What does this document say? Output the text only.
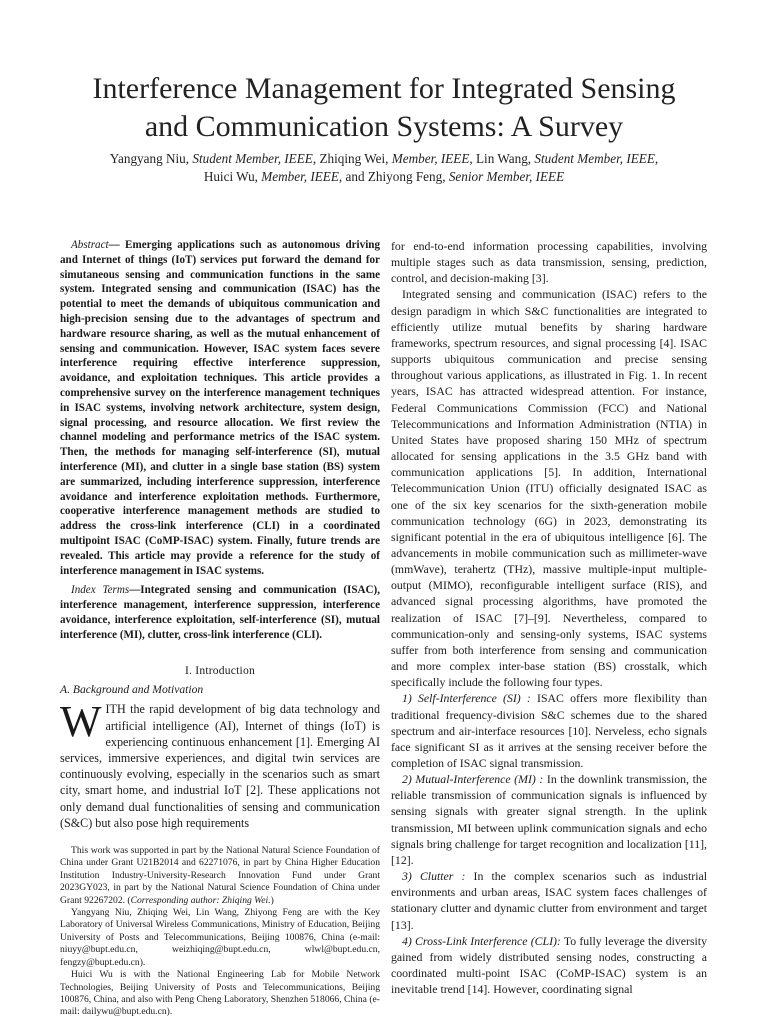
Interference Management for Integrated Sensing
and Communication Systems: A Survey
Yangyang Niu, Student Member, IEEE, Zhiqing Wei, Member, IEEE, Lin Wang, Student Member, IEEE,
Huici Wu, Member, IEEE, and Zhiyong Feng, Senior Member, IEEE

Abstract— Emerging applications such as autonomous driving and Internet of things (IoT) services put forward the demand for simutaneous sensing and communication functions in the same system. Integrated sensing and communication (ISAC) has the potential to meet the demands of ubiquitous communication and high-precision sensing due to the advantages of spectrum and hardware resource sharing, as well as the mutual enhancement of sensing and communication. However, ISAC system faces severe interference requiring effective interference suppression, avoidance, and exploitation techniques. This article provides a comprehensive survey on the interference management techniques in ISAC systems, involving network architecture, system design, signal processing, and resource allocation. We first review the channel modeling and performance metrics of the ISAC system. Then, the methods for managing self-interference (SI), mutual interference (MI), and clutter in a single base station (BS) system are summarized, including interference suppression, interference avoidance and interference exploitation methods. Furthermore, cooperative interference management methods are studied to address the cross-link interference (CLI) in a coordinated multipoint ISAC (CoMP-ISAC) system. Finally, future trends are revealed. This article may provide a reference for the study of interference management in ISAC systems.

Index Terms—Integrated sensing and communication (ISAC), interference management, interference suppression, interference avoidance, interference exploitation, self-interference (SI), mutual interference (MI), clutter, cross-link interference (CLI).

I. Introduction

A. Background and Motivation

WITH the rapid development of big data technology and artificial intelligence (AI), Internet of things (IoT) is experiencing continuous enhancement [1]. Emerging AI services, immersive experiences, and digital twin services are continuously evolving, especially in the scenarios such as smart city, smart home, and industrial IoT [2]. These applications not only demand dual functionalities of sensing and communication (S&C) but also pose high requirements

This work was supported in part by the National Natural Science Foundation of China under Grant U21B2014 and 62271076, in part by China Higher Education Institution Industry-University-Research Innovation Fund under Grant 2023GY023, in part by the National Natural Science Foundation of China under Grant 92267202. (Corresponding author: Zhiqing Wei.)

Yangyang Niu, Zhiqing Wei, Lin Wang, Zhiyong Feng are with the Key Laboratory of Universal Wireless Communications, Ministry of Education, Beijing University of Posts and Telecommunications, Beijing 100876, China (e-mail: niuyy@bupt.edu.cn, weizhiqing@bupt.edu.cn, wlwl@bupt.edu.cn, fengzy@bupt.edu.cn).

Huici Wu is with the National Engineering Lab for Mobile Network Technologies, Beijing University of Posts and Telecommunications, Beijing 100876, China, and also with Peng Cheng Laboratory, Shenzhen 518066, China (e-mail: dailywu@bupt.edu.cn).

for end-to-end information processing capabilities, involving multiple stages such as data transmission, sensing, prediction, control, and decision-making [3].

Integrated sensing and communication (ISAC) refers to the design paradigm in which S&C functionalities are integrated to efficiently utilize mutual benefits by sharing hardware frameworks, spectrum resources, and signal processing [4]. ISAC supports ubiquitous communication and precise sensing throughout various applications, as illustrated in Fig. 1. In recent years, ISAC has attracted widespread attention. For instance, Federal Communications Commission (FCC) and National Telecommunications and Information Administration (NTIA) in United States have proposed sharing 150 MHz of spectrum allocated for sensing applications in the 3.5 GHz band with communication applications [5]. In addition, International Telecommunication Union (ITU) officially designated ISAC as one of the six key scenarios for the sixth-generation mobile communication technology (6G) in 2023, demonstrating its significant potential in the era of ubiquitous intelligence [6]. The advancements in mobile communication such as millimeter-wave (mmWave), terahertz (THz), massive multiple-input multiple-output (MIMO), reconfigurable intelligent surface (RIS), and advanced signal processing algorithms, have promoted the realization of ISAC [7]–[9]. Nevertheless, compared to communication-only and sensing-only systems, ISAC systems suffer from both interference from sensing and communication and more complex inter-base station (BS) crosstalk, which specifically include the following four types.

1) Self-Interference (SI) : ISAC offers more flexibility than traditional frequency-division S&C schemes due to the shared spectrum and air-interface resources [10]. Nerveless, echo signals face significant SI as it arrives at the sensing receiver before the completion of ISAC signal transmission.

2) Mutual-Interference (MI) : In the downlink transmission, the reliable transmission of communication signals is influenced by sensing signals with greater signal strength. In the uplink transmission, MI between uplink communication signals and echo signals bring challenge for target recognition and localization [11], [12].

3) Clutter : In the complex scenarios such as industrial environments and urban areas, ISAC system faces challenges of stationary clutter and dynamic clutter from environment and target [13].

4) Cross-Link Interference (CLI): To fully leverage the diversity gained from widely distributed sensing nodes, constructing a coordinated multi-point ISAC (CoMP-ISAC) system is an inevitable trend [14]. However, coordinating signal
